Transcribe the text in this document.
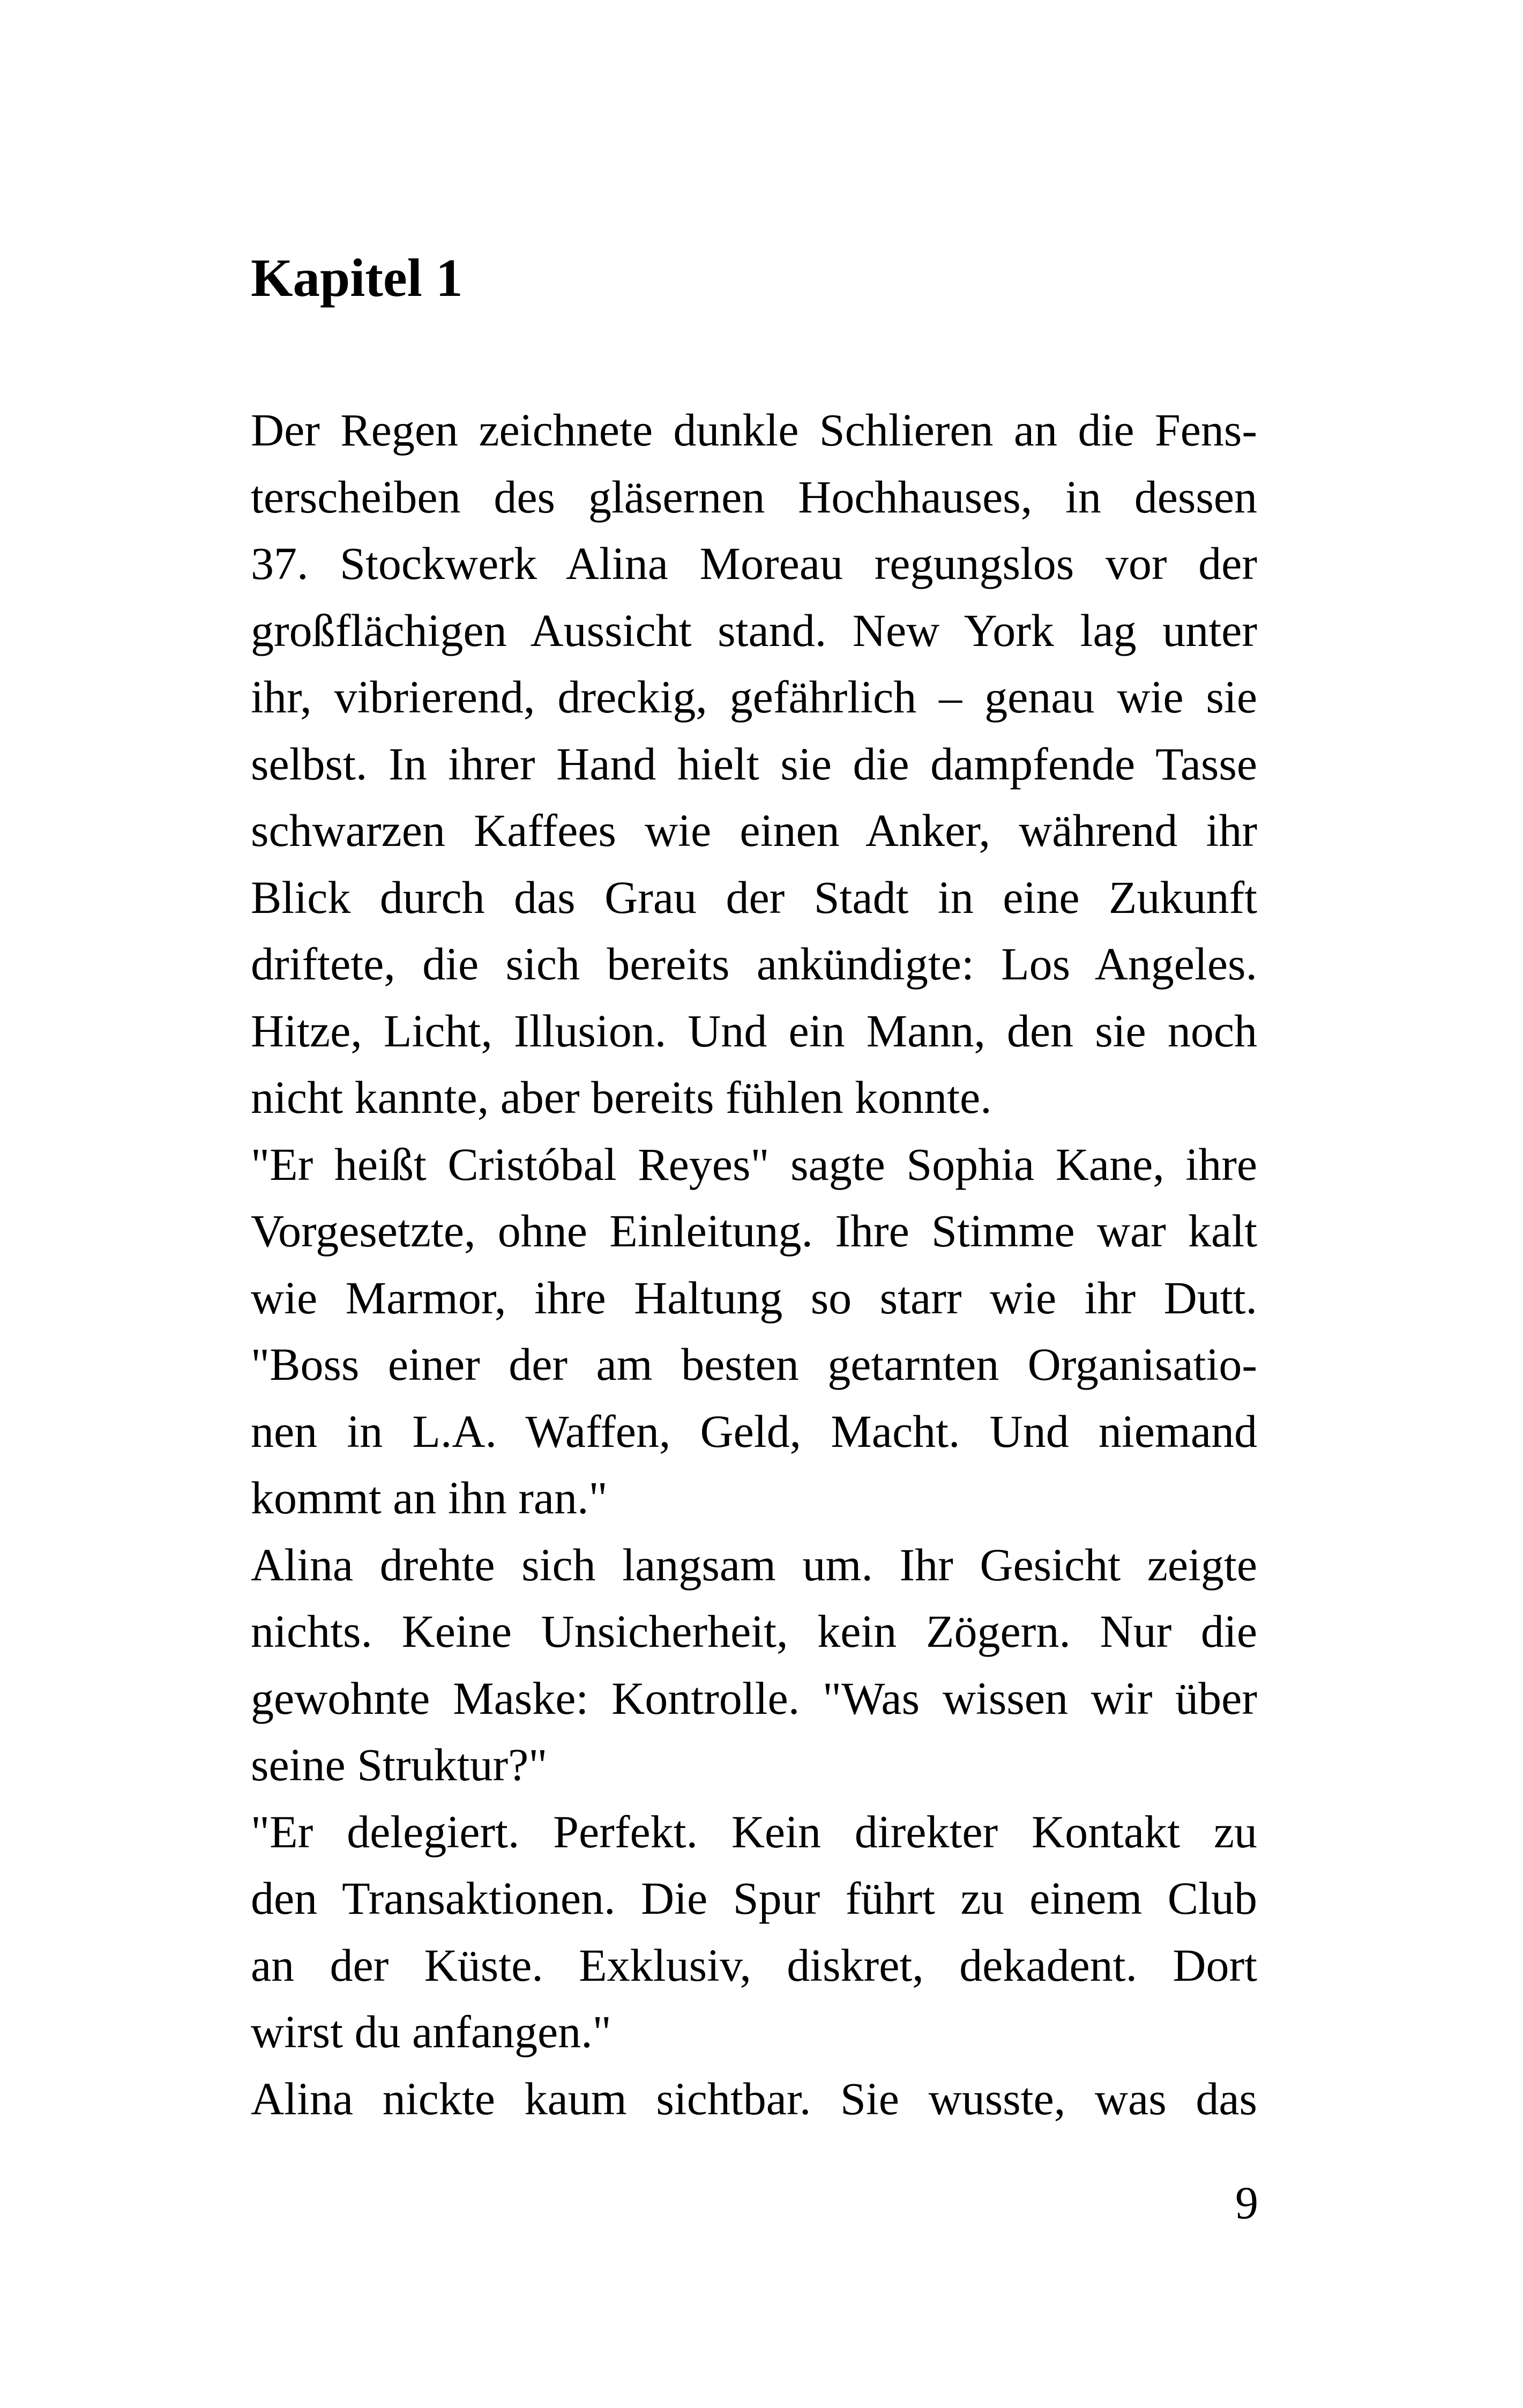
Kapitel 1
Der Regen zeichnete dunkle Schlieren an die Fens-
terscheiben des gläsernen Hochhauses, in dessen
37. Stockwerk Alina Moreau regungslos vor der
großflächigen Aussicht stand. New York lag unter
ihr, vibrierend, dreckig, gefährlich – genau wie sie
selbst. In ihrer Hand hielt sie die dampfende Tasse
schwarzen Kaffees wie einen Anker, während ihr
Blick durch das Grau der Stadt in eine Zukunft
driftete, die sich bereits ankündigte: Los Angeles.
Hitze, Licht, Illusion. Und ein Mann, den sie noch
nicht kannte, aber bereits fühlen konnte.
"Er heißt Cristóbal Reyes" sagte Sophia Kane, ihre
Vorgesetzte, ohne Einleitung. Ihre Stimme war kalt
wie Marmor, ihre Haltung so starr wie ihr Dutt.
"Boss einer der am besten getarnten Organisatio-
nen in L.A. Waffen, Geld, Macht. Und niemand
kommt an ihn ran."
Alina drehte sich langsam um. Ihr Gesicht zeigte
nichts. Keine Unsicherheit, kein Zögern. Nur die
gewohnte Maske: Kontrolle. "Was wissen wir über
seine Struktur?"
"Er delegiert. Perfekt. Kein direkter Kontakt zu
den Transaktionen. Die Spur führt zu einem Club
an der Küste. Exklusiv, diskret, dekadent. Dort
wirst du anfangen."
Alina nickte kaum sichtbar. Sie wusste, was das
9
